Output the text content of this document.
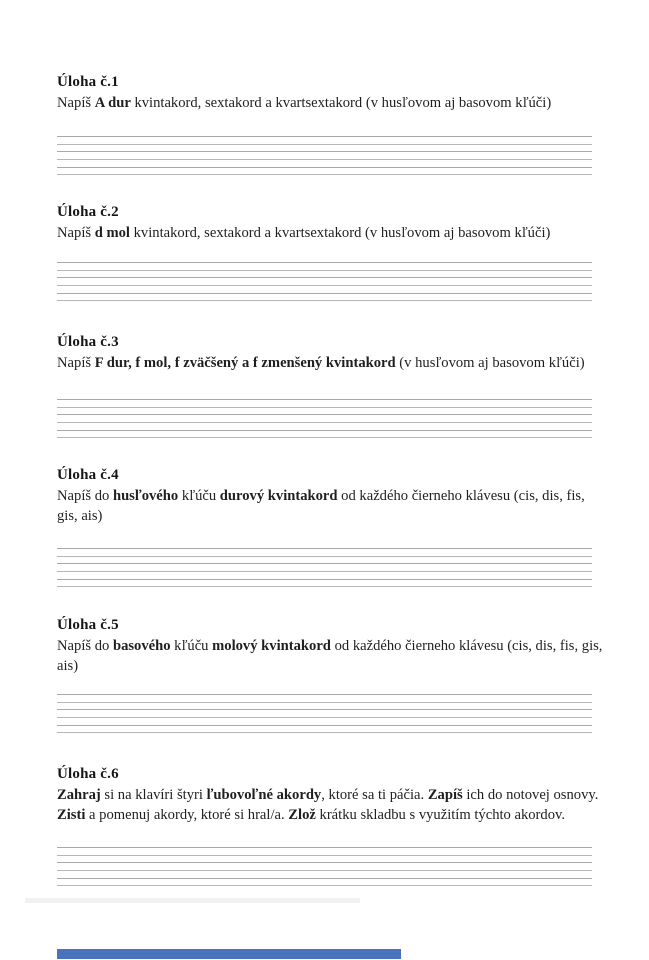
Úloha č.1

Napíš A dur kvintakord, sextakord a kvartsextakord (v husľovom aj basovom kľúči)

Úloha č.2

Napíš d mol kvintakord, sextakord a kvartsextakord (v husľovom aj basovom kľúči)

Úloha č.3

Napíš F dur, f mol, f zväčšený a f zmenšený kvintakord (v husľovom aj basovom kľúči)

Úloha č.4

Napíš do husľového kľúču durový kvintakord od každého čierneho klávesu (cis, dis, fis,
gis, ais)

Úloha č.5

Napíš do basového kľúču molový kvintakord od každého čierneho klávesu (cis, dis, fis, gis,
ais)

Úloha č.6

Zahraj si na klavíri štyri ľubovoľné akordy, ktoré sa ti páčia. Zapíš ich do notovej osnovy.
Zisti a pomenuj akordy, ktoré si hral/a. Zlož krátku skladbu s využitím týchto akordov.
